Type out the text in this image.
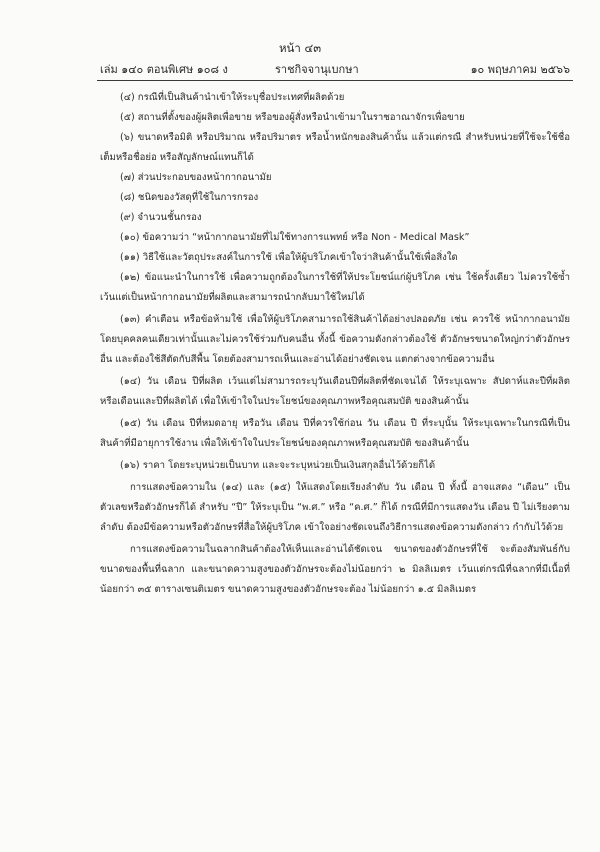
หน้า ๔๓
เล่ม ๑๔๐ ตอนพิเศษ ๑๐๘ ง	ราชกิจจานุเบกษา	๑๐ พฤษภาคม ๒๕๖๖

(๔) กรณีที่เป็นสินค้านำเข้าให้ระบุชื่อประเทศที่ผลิตด้วย

(๕) สถานที่ตั้งของผู้ผลิตเพื่อขาย หรือของผู้สั่งหรือนำเข้ามาในราชอาณาจักรเพื่อขาย

(๖) ขนาดหรือมิติ หรือปริมาณ หรือปริมาตร หรือน้ำหนักของสินค้านั้น แล้วแต่กรณี สำหรับหน่วยที่ใช้จะใช้ชื่อเต็มหรือชื่อย่อ หรือสัญลักษณ์แทนก็ได้

(๗) ส่วนประกอบของหน้ากากอนามัย

(๘) ชนิดของวัสดุที่ใช้ในการกรอง

(๙) จำนวนชั้นกรอง

(๑๐) ข้อความว่า “หน้ากากอนามัยที่ไม่ใช้ทางการแพทย์ หรือ Non - Medical Mask”

(๑๑) วิธีใช้และวัตถุประสงค์ในการใช้ เพื่อให้ผู้บริโภคเข้าใจว่าสินค้านั้นใช้เพื่อสิ่งใด

(๑๒) ข้อแนะนำในการใช้ เพื่อความถูกต้องในการใช้ที่ให้ประโยชน์แก่ผู้บริโภค เช่น ใช้ครั้งเดียว ไม่ควรใช้ซ้ำ เว้นแต่เป็นหน้ากากอนามัยที่ผลิตและสามารถนำกลับมาใช้ใหม่ได้

(๑๓) คำเตือน หรือข้อห้ามใช้ เพื่อให้ผู้บริโภคสามารถใช้สินค้าได้อย่างปลอดภัย เช่น ควรใช้ หน้ากากอนามัยโดยบุคคลคนเดียวเท่านั้นและไม่ควรใช้ร่วมกับคนอื่น ทั้งนี้ ข้อความดังกล่าวต้องใช้ ตัวอักษรขนาดใหญ่กว่าตัวอักษรอื่น และต้องใช้สีตัดกับสีพื้น โดยต้องสามารถเห็นและอ่านได้อย่างชัดเจน แตกต่างจากข้อความอื่น

(๑๔) วัน เดือน ปีที่ผลิต เว้นแต่ไม่สามารถระบุวันเดือนปีที่ผลิตที่ชัดเจนได้ ให้ระบุเฉพาะ สัปดาห์และปีที่ผลิต หรือเดือนและปีที่ผลิตได้ เพื่อให้เข้าใจในประโยชน์ของคุณภาพหรือคุณสมบัติ ของสินค้านั้น

(๑๕) วัน เดือน ปีที่หมดอายุ หรือวัน เดือน ปีที่ควรใช้ก่อน วัน เดือน ปี ที่ระบุนั้น ให้ระบุเฉพาะในกรณีที่เป็นสินค้าที่มีอายุการใช้งาน เพื่อให้เข้าใจในประโยชน์ของคุณภาพหรือคุณสมบัติ ของสินค้านั้น

(๑๖) ราคา โดยระบุหน่วยเป็นบาท และจะระบุหน่วยเป็นเงินสกุลอื่นไว้ด้วยก็ได้

การแสดงข้อความใน (๑๔) และ (๑๕) ให้แสดงโดยเรียงลำดับ วัน เดือน ปี ทั้งนี้ อาจแสดง “เดือน” เป็นตัวเลขหรือตัวอักษรก็ได้ สำหรับ “ปี” ให้ระบุเป็น “พ.ศ.” หรือ “ค.ศ.” ก็ได้ กรณีที่มีการแสดงวัน เดือน ปี ไม่เรียงตามลำดับ ต้องมีข้อความหรือตัวอักษรที่สื่อให้ผู้บริโภค เข้าใจอย่างชัดเจนถึงวิธีการแสดงข้อความดังกล่าว กำกับไว้ด้วย

การแสดงข้อความในฉลากสินค้าต้องให้เห็นและอ่านได้ชัดเจน ขนาดของตัวอักษรที่ใช้ จะต้องสัมพันธ์กับขนาดของพื้นที่ฉลาก และขนาดความสูงของตัวอักษรจะต้องไม่น้อยกว่า ๒ มิลลิเมตร เว้นแต่กรณีที่ฉลากที่มีเนื้อที่น้อยกว่า ๓๕ ตารางเซนติเมตร ขนาดความสูงของตัวอักษรจะต้อง ไม่น้อยกว่า ๑.๕ มิลลิเมตร
